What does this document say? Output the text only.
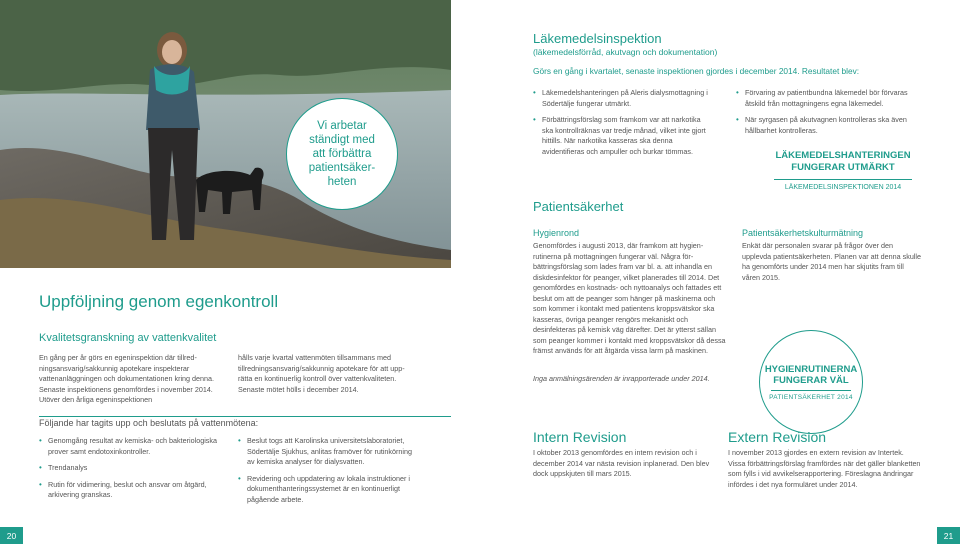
Vi arbetar ständigt med att förbättra patientsäkerheten
Uppföljning genom egenkontroll
Kvalitetsgranskning av vattenkvalitet
En gång per år görs en egeninspektion där tillredningsansvarig/sakkunnig apotekare inspekterar vattenanläggningen och dokumentationen kring denna. Senaste inspektionens genomfördes i november 2014. Utöver den årliga egeninspektionen
hålls varje kvartal vattenmöten tillsammans med tillredningsansvarig/sakkunnig apotekare för att upprätta en kontinuerlig kontroll över vattenkvaliteten. Senaste mötet hölls i december 2014.
Följande har tagits upp och beslutats på vattenmötena:
• Genomgång resultat av kemiska- och bakteriologiska prover samt endotoxinkontroller.
• Trendanalys
• Rutin för vidimering, beslut och ansvar om åtgärd, arkivering granskas.
• Beslut togs att Karolinska universitetslaboratoriet, Södertälje Sjukhus, anlitas framöver för rutinkörning av kemiska analyser för dialysvatten.
• Revidering och uppdatering av lokala instruktioner i dokumenthanteringssystemet är en kontinuerligt pågående arbete.
20
Läkemedelsinspektion
(läkemedelsförråd, akutvagn och dokumentation)
Görs en gång i kvartalet, senaste inspektionen gjordes i december 2014. Resultatet blev:
• Läkemedelshanteringen på Aleris dialysmottagning i Södertälje fungerar utmärkt.
• Förbättringsförslag som framkom var att narkotika ska kontrollräknas var tredje månad, vilket inte gjort hittills. När narkotika kasseras ska denna avidentifieras och ampuller och burkar tömmas.
• Förvaring av patientbundna läkemedel bör förvaras åtskild från mottagningens egna läkemedel.
• När syrgasen på akutvagnen kontrolleras ska även hållbarhet kontrolleras.
LÄKEMEDELSHANTERINGEN
FUNGERAR UTMÄRKT
LÄKEMEDELSINSPEKTIONEN 2014
Patientsäkerhet
Hygienrond
Genomfördes i augusti 2013, där framkom att hygienrutinerna på mottagningen fungerar väl. Några förbättringsförslag som lades fram var bl. a. att inhandla en diskdesinfektor för peanger, vilket planerades till 2014. Det genomfördes en kostnads- och nyttoanalys och fattades ett beslut om att de peanger som hänger på maskinerna och som kommer i kontakt med patientens kroppsvätskor ska kasseras, övriga peanger rengörs mekaniskt och desinfekteras på kemisk väg därefter. Det är ytterst sällan som peanger kommer i kontakt med kroppsvätskor då dessa främst används för att åtgärda vissa larm på maskinen.
Inga anmälningsärenden är inrapporterade under 2014.
Patientsäkerhetskulturmätning
Enkät där personalen svarar på frågor över den upplevda patientsäkerheten. Planen var att denna skulle ha genomförts under 2014 men har skjutits fram till våren 2015.
HYGIENRUTINERNA
FUNGERAR VÄL
PATIENTSÄKERHET 2014
Intern Revision
I oktober 2013 genomfördes en intern revision och i december 2014 var nästa revision inplanerad. Den blev dock uppskjuten till mars 2015.
Extern Revision
I november 2013 gjordes en extern revision av Intertek. Vissa förbättringsförslag framfördes när det gäller blanketten som fylls i vid avvikelserapportering. Föreslagna ändringar infördes i det nya formuläret under 2014.
21
